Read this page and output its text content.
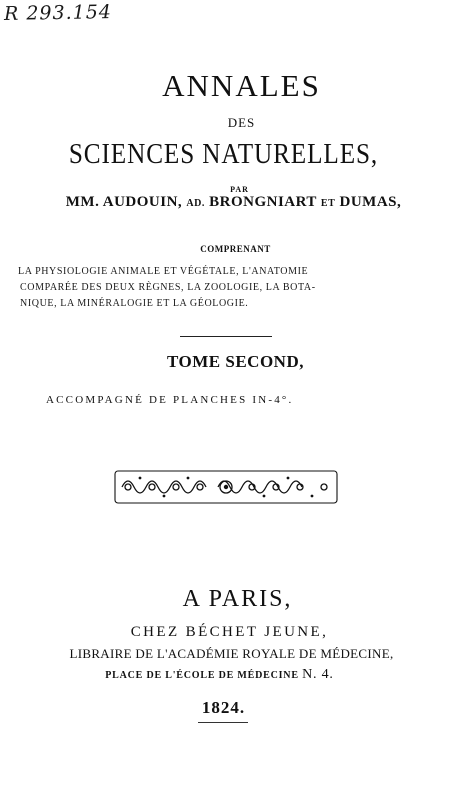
R 293.154
ANNALES
DES
SCIENCES NATURELLES,
PAR
MM. AUDOUIN, AD. BRONGNIART ET DUMAS,
COMPRENANT
LA PHYSIOLOGIE ANIMALE ET VÉGÉTALE, L'ANATOMIE
COMPARÉE DES DEUX RÈGNES, LA ZOOLOGIE, LA BOTA-
NIQUE, LA MINÉRALOGIE ET LA GÉOLOGIE.
TOME SECOND,
ACCOMPAGNÉ DE PLANCHES IN-4°.
A PARIS,
CHEZ BÉCHET JEUNE,
LIBRAIRE DE L'ACADÉMIE ROYALE DE MÉDECINE,
PLACE DE L'ÉCOLE DE MÉDECINE N. 4.
1824.
